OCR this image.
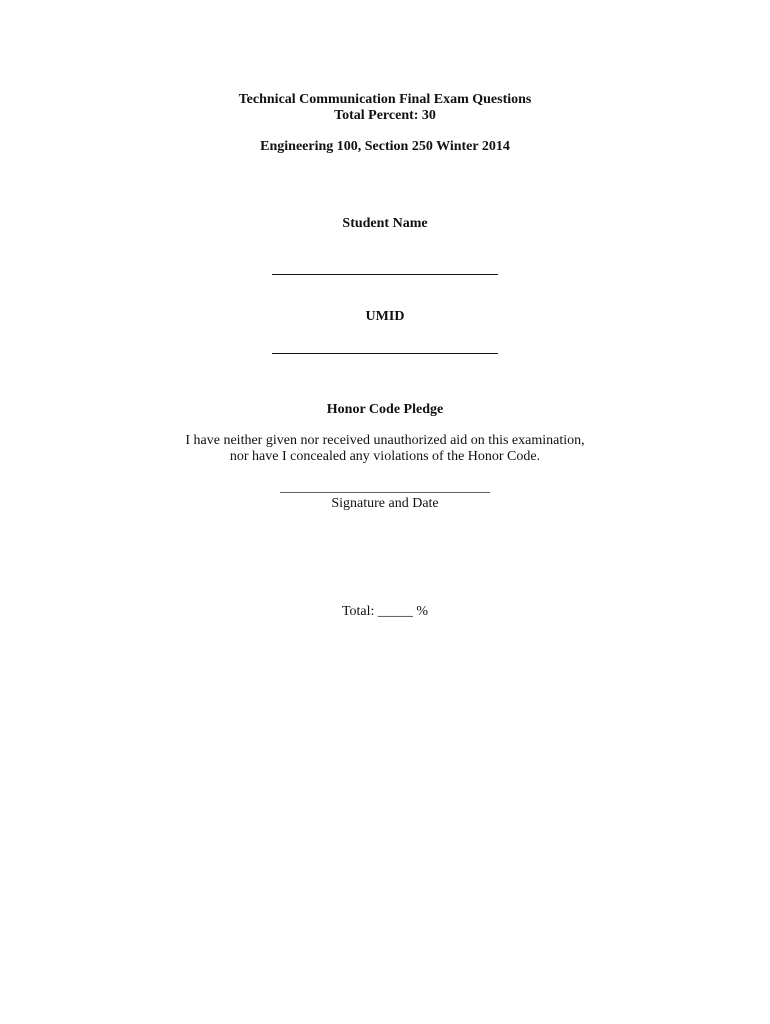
Technical Communication Final Exam Questions
Total Percent: 30
Engineering 100, Section 250 Winter 2014
Student Name
UMID
Honor Code Pledge
I have neither given nor received unauthorized aid on this examination,
nor have I concealed any violations of the Honor Code.
______________________________
Signature and Date
Total: _____ %
